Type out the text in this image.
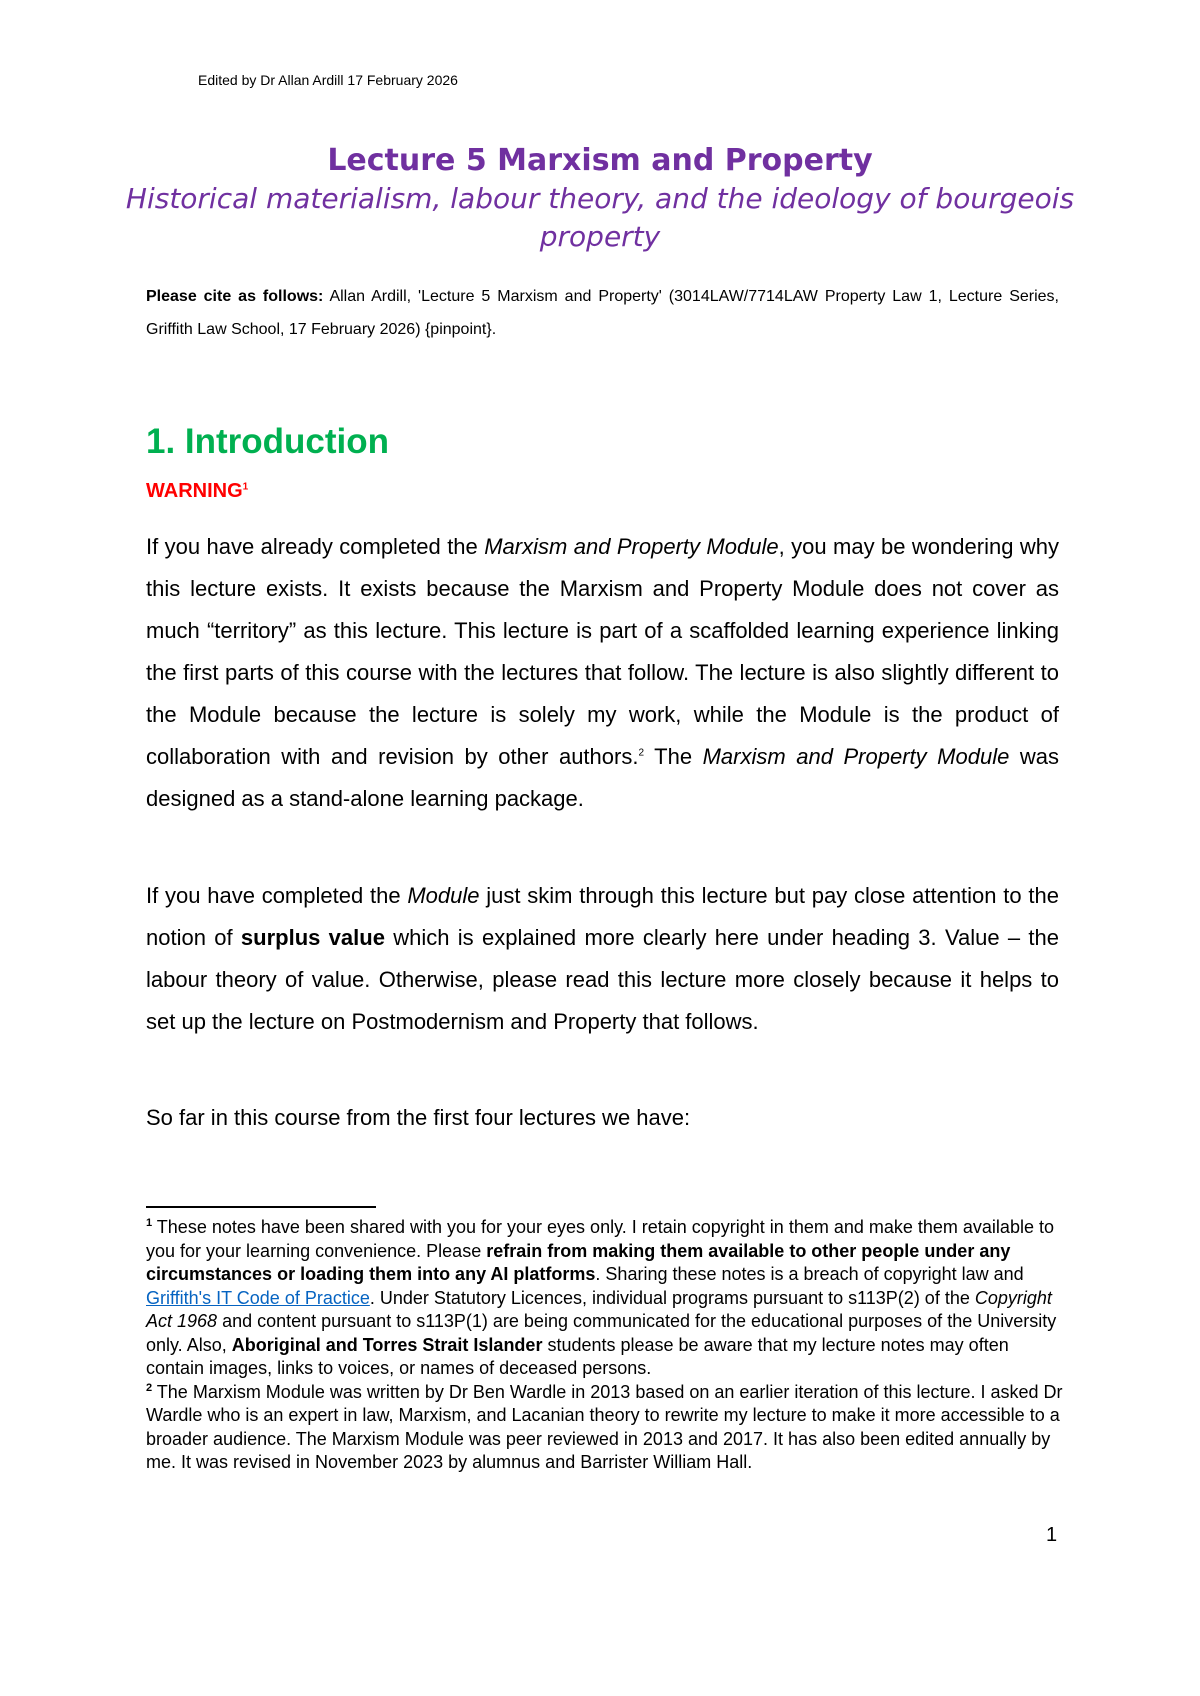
Edited by Dr Allan Ardill 17 February 2026

Lecture 5 Marxism and Property

Historical materialism, labour theory, and the ideology of bourgeois property

Please cite as follows: Allan Ardill, 'Lecture 5 Marxism and Property' (3014LAW/7714LAW Property Law 1, Lecture Series, Griffith Law School, 17 February 2026) {pinpoint}.
1. Introduction
WARNING$^1$

If you have already completed the Marxism and Property Module, you may be wondering why this lecture exists. It exists because the Marxism and Property Module does not cover as much “territory” as this lecture. This lecture is part of a scaffolded learning experience linking the first parts of this course with the lectures that follow. The lecture is also slightly different to the Module because the lecture is solely my work, while the Module is the product of collaboration with and revision by other authors.$^2$ The Marxism and Property Module was designed as a stand-alone learning package.

If you have completed the Module just skim through this lecture but pay close attention to the notion of surplus value which is explained more clearly here under heading 3. Value – the labour theory of value. Otherwise, please read this lecture more closely because it helps to set up the lecture on Postmodernism and Property that follows.

So far in this course from the first four lectures we have:

$^1$ These notes have been shared with you for your eyes only. I retain copyright in them and make them available to you for your learning convenience. Please refrain from making them available to other people under any circumstances or loading them into any AI platforms. Sharing these notes is a breach of copyright law and Griffith's IT Code of Practice. Under Statutory Licences, individual programs pursuant to s113P(2) of the Copyright Act 1968 and content pursuant to s113P(1) are being communicated for the educational purposes of the University only. Also, Aboriginal and Torres Strait Islander students please be aware that my lecture notes may often contain images, links to voices, or names of deceased persons.

$^2$ The Marxism Module was written by Dr Ben Wardle in 2013 based on an earlier iteration of this lecture. I asked Dr Wardle who is an expert in law, Marxism, and Lacanian theory to rewrite my lecture to make it more accessible to a broader audience. The Marxism Module was peer reviewed in 2013 and 2017. It has also been edited annually by me. It was revised in November 2023 by alumnus and Barrister William Hall.

1
